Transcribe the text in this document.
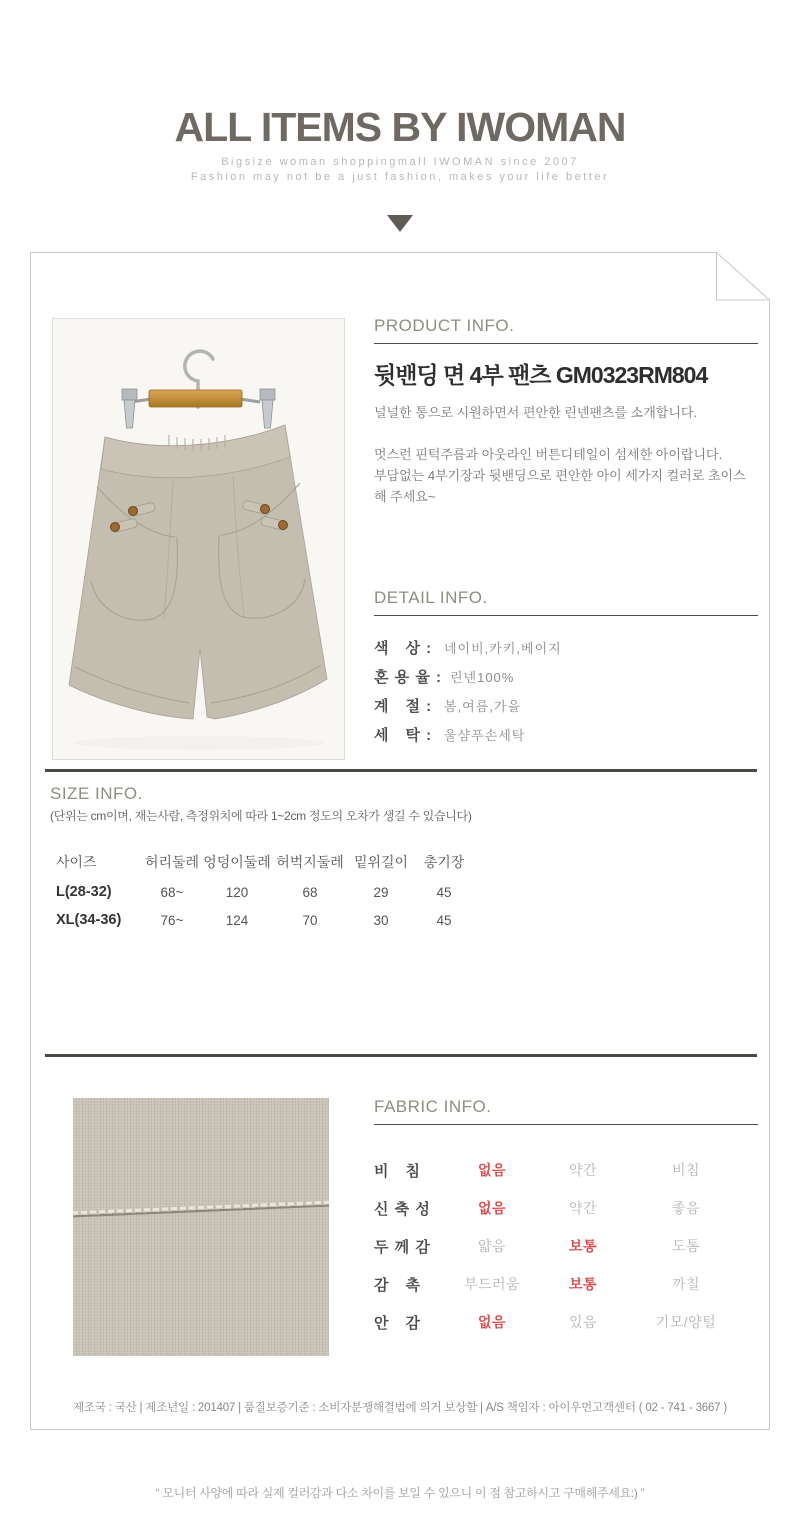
ALL ITEMS BY IWOMAN
Bigsize woman shoppingmall IWOMAN since 2007
Fashion may not be a just fashion, makes your life better
PRODUCT INFO.
뒷밴딩 면 4부 팬츠 GM0323RM804
널널한 통으로 시원하면서 편안한 린넨팬츠를 소개합니다.
멋스런 핀턱주름과 아웃라인 버튼디테일이 섬세한 아이랍니다.
부담없는 4부기장과 뒷밴딩으로 편안한 아이 세가지 컬러로 초이스 해 주세요~
DETAIL INFO.
색　상 : 네이비,카키,베이지
혼 용 율 : 린넨100%
계　절 : 봄,여름,가을
세　탁 : 울샴푸손세탁
SIZE INFO.
(단위는 cm이며, 재는사람, 측정위치에 따라 1~2cm 정도의 오차가 생길 수 있습니다)
사이즈	허리둘레	엉덩이둘레	허벅지둘레	밑위길이	총기장
L(28-32)	68~	120	68	29	45
XL(34-36)	76~	124	70	30	45
FABRIC INFO.
비　침	없음	약간	비침
신 축 성	없음	약간	좋음
두 께 감	얇음	보통	도톰
감　촉	부드러움	보통	까칠
안　감	없음	있음	기모/양털
제조국 : 국산 | 제조년일 : 201407 | 품질보증기준 : 소비자분쟁해결법에 의거 보상함 | A/S 책임자 : 아이우먼고객센터 ( 02 - 741 - 3667 )
“ 모니터 사양에 따라 실제 컬러감과 다소 차이를 보일 수 있으니 이 점 참고하시고 구매해주세요:) ”
